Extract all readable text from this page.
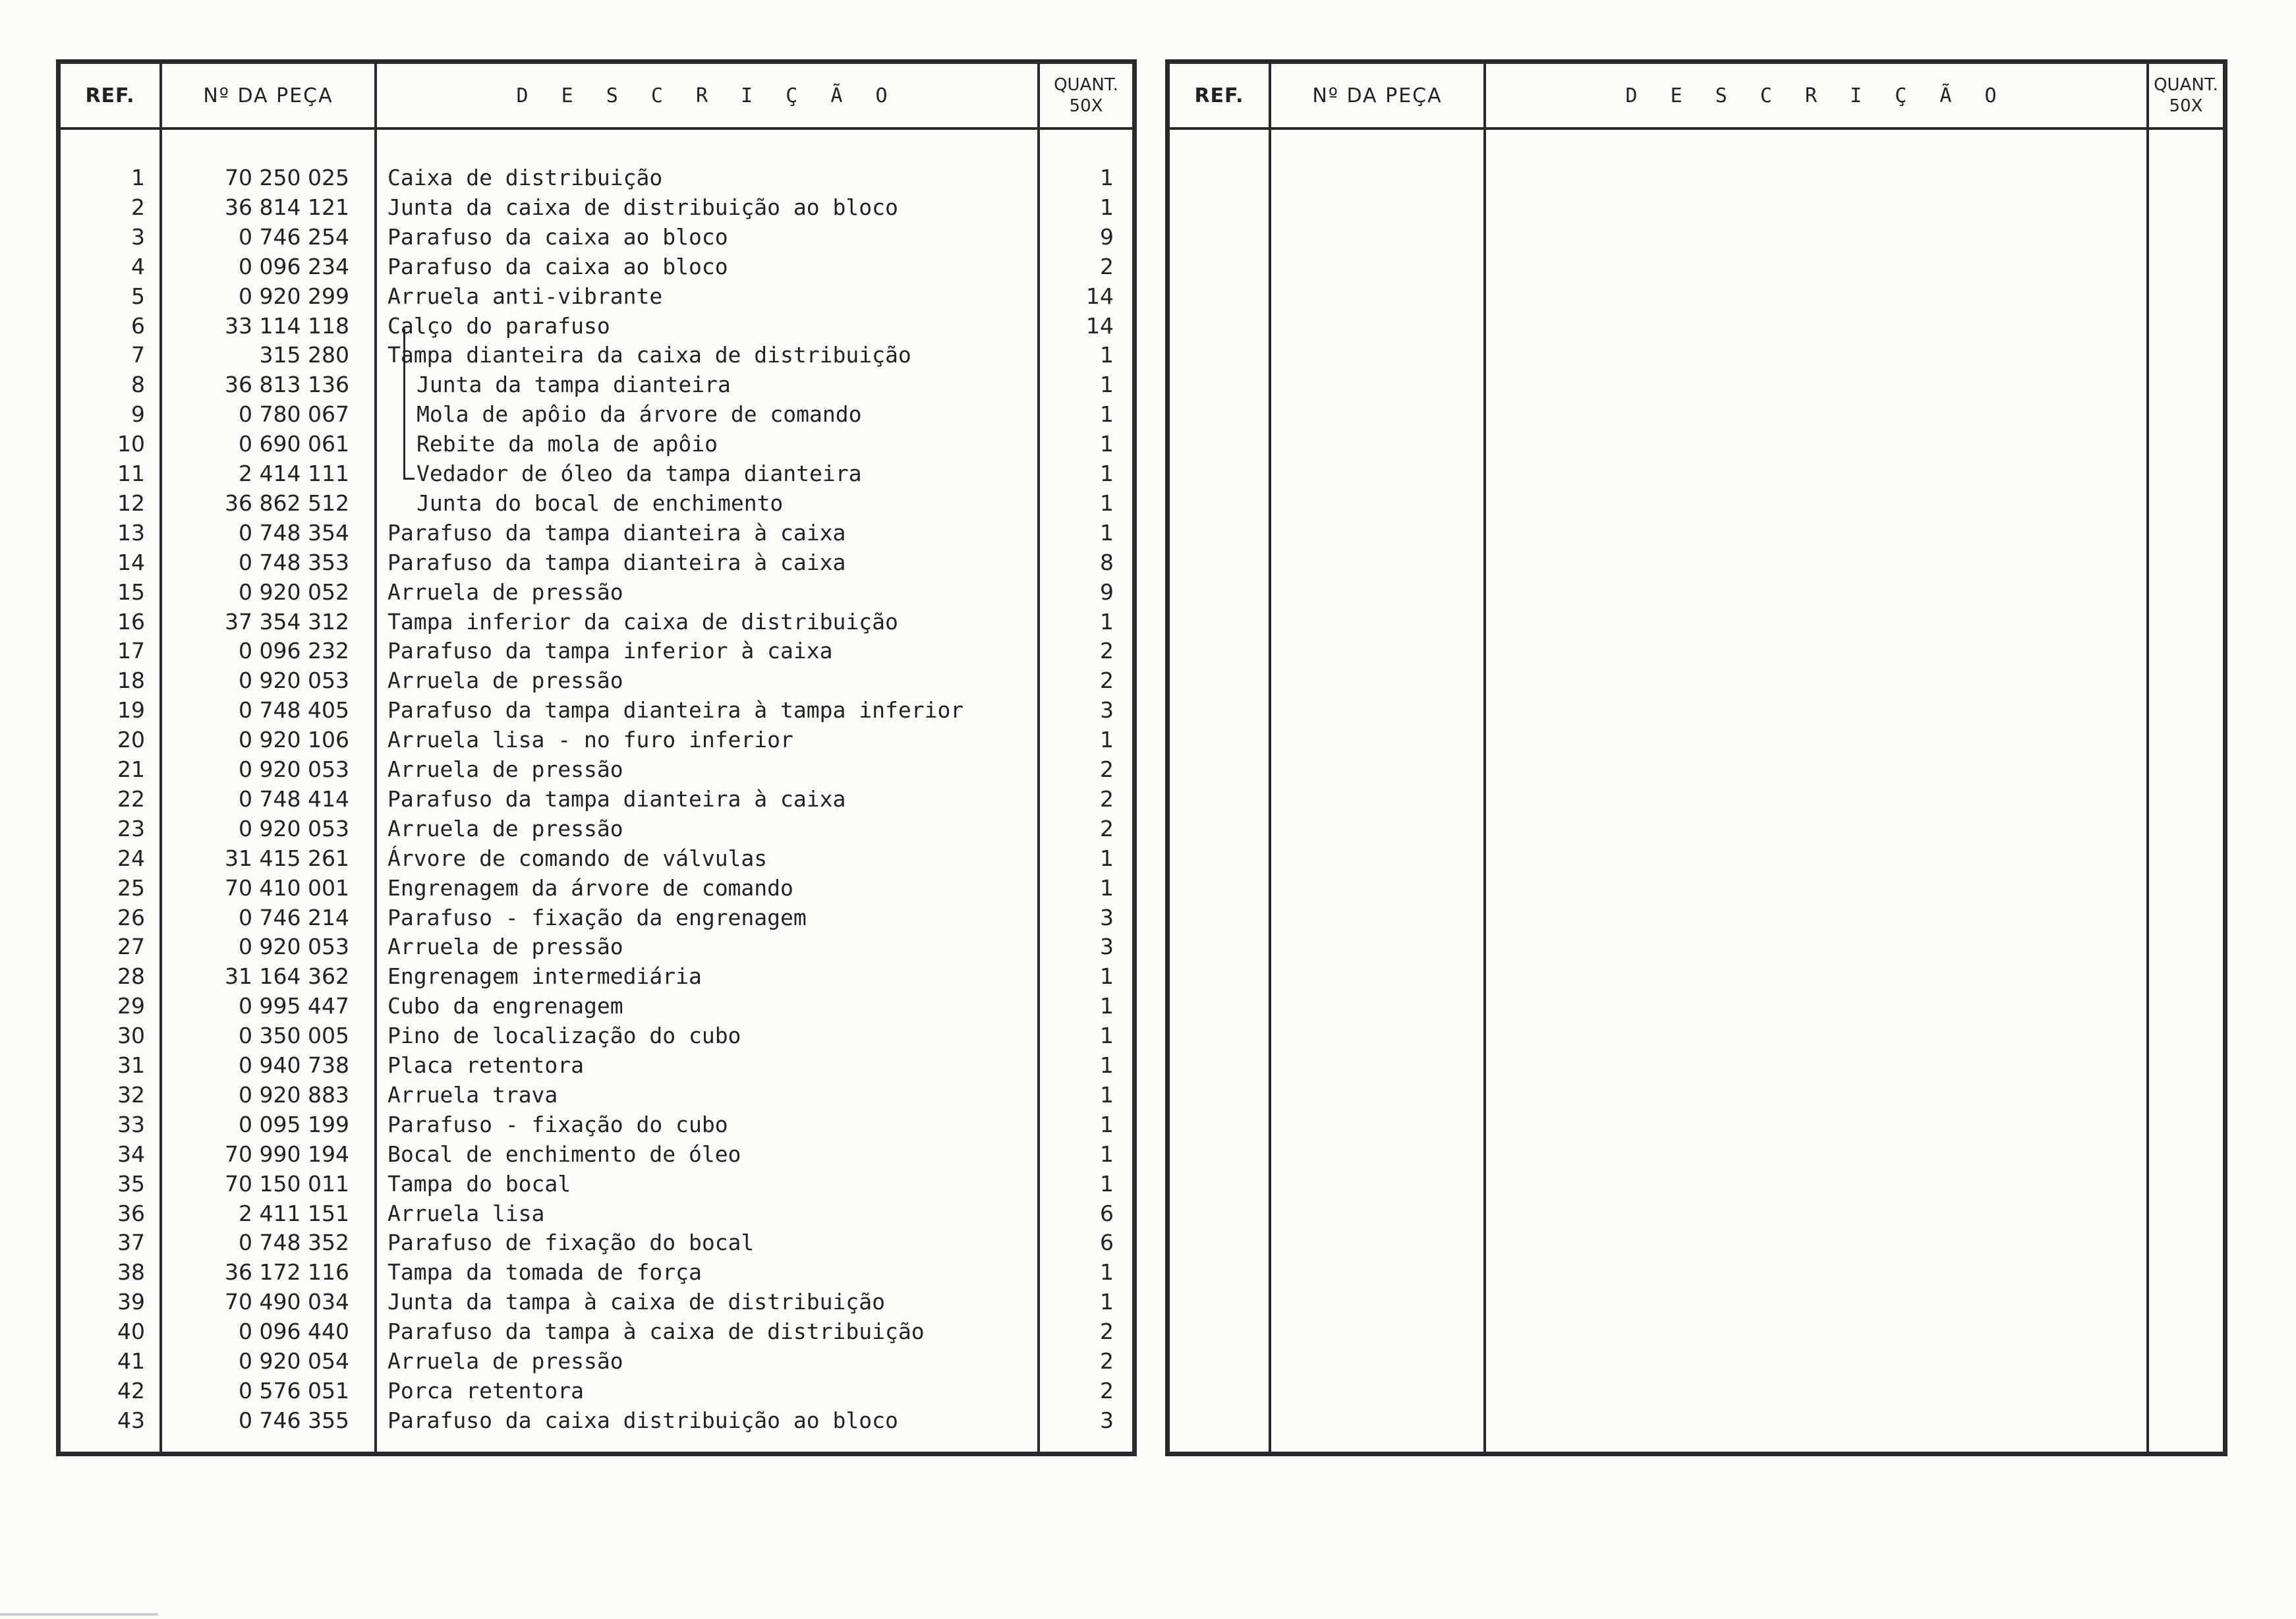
REF.	Nº DA PEÇA	D E S C R I Ç Ã O	QUANT.
50X
1	70 250 025 Caixa de distribuição	1
2	36 814 121 Junta da caixa de distribuição ao bloco	1
3	0 746 254 Parafuso da caixa ao bloco	9
4	0 096 234 Parafuso da caixa ao bloco	2
5	0 920 299 Arruela anti-vibrante	14
6	33 114 118 Calço do parafuso	14
7	315 280 Tampa dianteira da caixa de distribuição	1
8	36 813 136	Junta da tampa dianteira	1
9	0 780 067	Mola de apôio da árvore de comando	1
10	0 690 061	Rebite da mola de apôio	1
11	2 414 111	Vedador de óleo da tampa dianteira	1
12	36 862 512	Junta do bocal de enchimento	1
13	0 748 354 Parafuso da tampa dianteira à caixa	1
14	0 748 353 Parafuso da tampa dianteira à caixa	8
15	0 920 052 Arruela de pressão	9
16	37 354 312 Tampa inferior da caixa de distribuição	1
17	0 096 232 Parafuso da tampa inferior à caixa	2
18	0 920 053 Arruela de pressão	2
19	0 748 405 Parafuso da tampa dianteira à tampa inferior	3
20	0 920 106 Arruela lisa - no furo inferior	1
21	0 920 053 Arruela de pressão	2
22	0 748 414 Parafuso da tampa dianteira à caixa	2
23	0 920 053 Arruela de pressão	2
24	31 415 261 Árvore de comando de válvulas	1
25	70 410 001 Engrenagem da árvore de comando	1
26	0 746 214 Parafuso - fixação da engrenagem	3
27	0 920 053 Arruela de pressão	3
28	31 164 362 Engrenagem intermediária	1
29	0 995 447 Cubo da engrenagem	1
30	0 350 005 Pino de localização do cubo	1
31	0 940 738 Placa retentora	1
32	0 920 883 Arruela trava	1
33	0 095 199 Parafuso - fixação do cubo	1
34	70 990 194 Bocal de enchimento de óleo	1
35	70 150 011 Tampa do bocal	1
36	2 411 151 Arruela lisa	6
37	0 748 352 Parafuso de fixação do bocal	6
38	36 172 116 Tampa da tomada de força	1
39	70 490 034 Junta da tampa à caixa de distribuição	1
40	0 096 440 Parafuso da tampa à caixa de distribuição	2
41	0 920 054 Arruela de pressão	2
42	0 576 051 Porca retentora	2
43	0 746 355 Parafuso da caixa distribuição ao bloco	3
REF.	Nº DA PEÇA	D E S C R I Ç Ã O	QUANT.
50X
